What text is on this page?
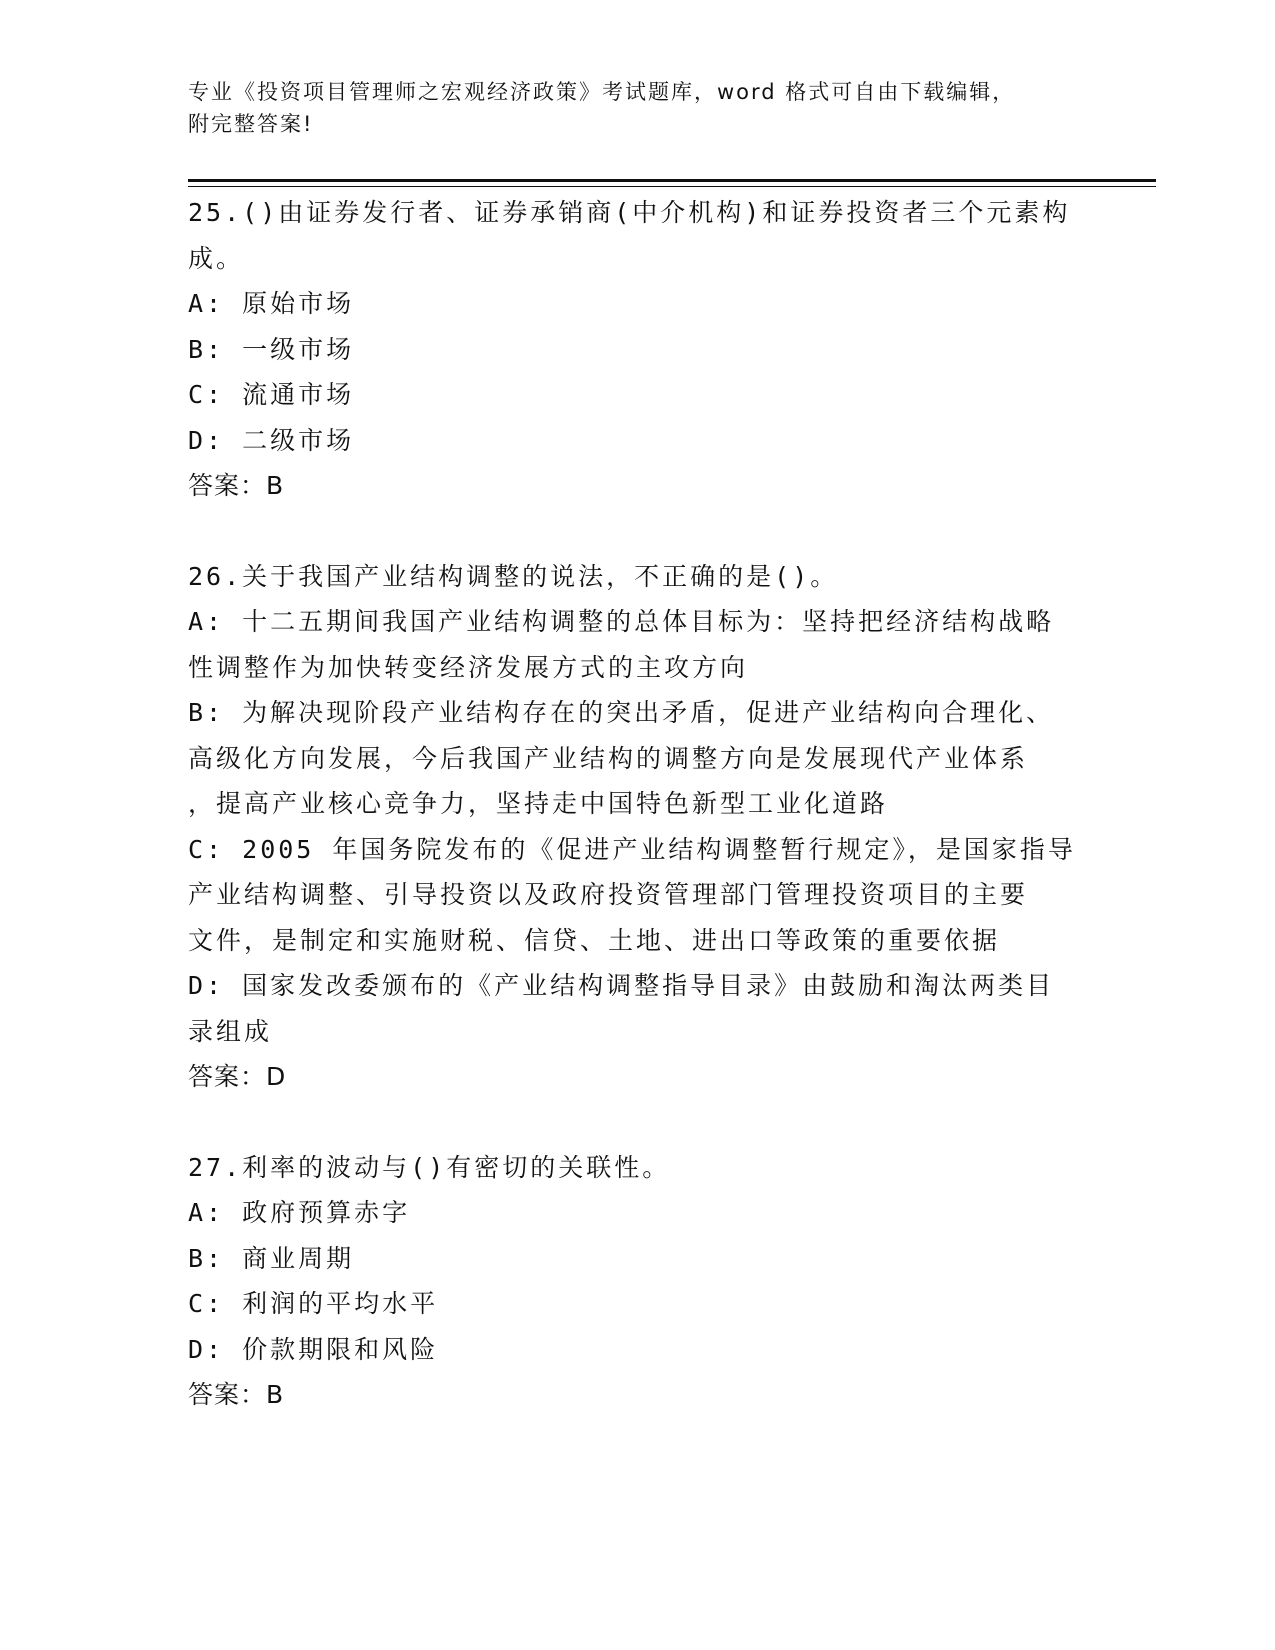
专业《投资项目管理师之宏观经济政策》考试题库，word 格式可自由下载编辑，
附完整答案!

25.()由证券发行者、证券承销商(中介机构)和证券投资者三个元素构

成。

A: 原始市场

B: 一级市场

C: 流通市场

D: 二级市场

答案：B

26.关于我国产业结构调整的说法，不正确的是()。

A: 十二五期间我国产业结构调整的总体目标为：坚持把经济结构战略

性调整作为加快转变经济发展方式的主攻方向

B: 为解决现阶段产业结构存在的突出矛盾，促进产业结构向合理化、

高级化方向发展，今后我国产业结构的调整方向是发展现代产业体系

，提高产业核心竞争力，坚持走中国特色新型工业化道路

C: 2005 年国务院发布的《促进产业结构调整暂行规定》，是国家指导

产业结构调整、引导投资以及政府投资管理部门管理投资项目的主要

文件，是制定和实施财税、信贷、土地、进出口等政策的重要依据

D: 国家发改委颁布的《产业结构调整指导目录》由鼓励和淘汰两类目

录组成

答案：D

27.利率的波动与()有密切的关联性。

A: 政府预算赤字

B: 商业周期

C: 利润的平均水平

D: 价款期限和风险

答案：B
